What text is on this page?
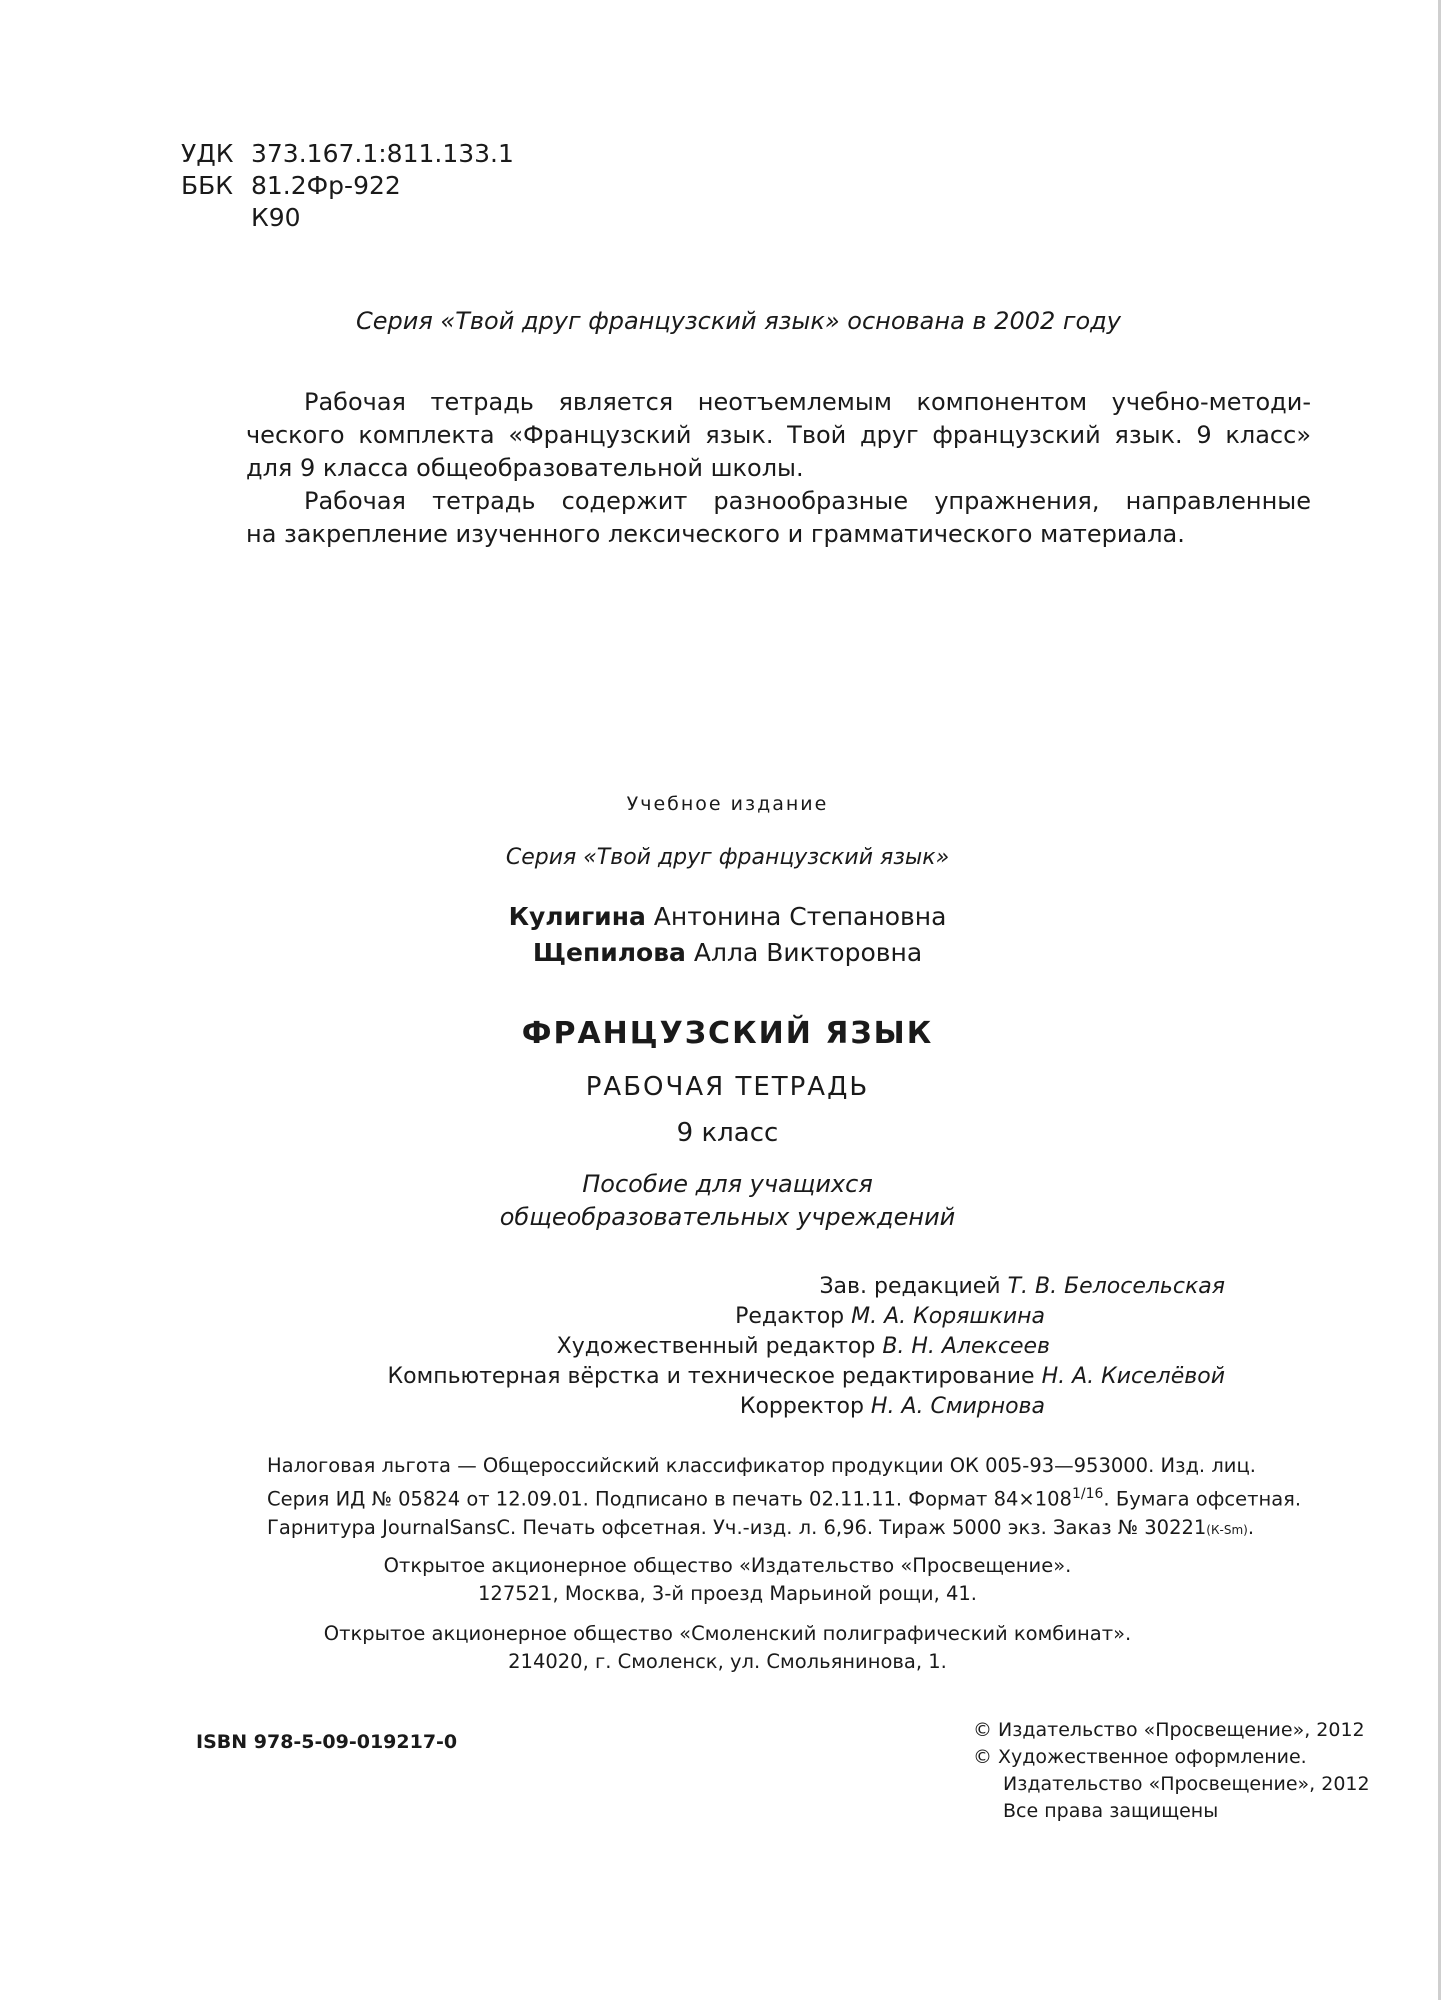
УДК 373.167.1:811.133.1
ББК 81.2Фр-922
К90
Серия «Твой друг французский язык» основана в 2002 году

Рабочая тетрадь является неотъемлемым компонентом учебно-методи-

ческого комплекта «Французский язык. Твой друг французский язык. 9 класс»

для 9 класса общеобразовательной школы.

Рабочая тетрадь содержит разнообразные упражнения, направленные

на закрепление изученного лексического и грамматического материала.

Учебное издание
Серия «Твой друг французский язык»
Кулигина Антонина Степановна
Щепилова Алла Викторовна
ФРАНЦУЗСКИЙ ЯЗЫК
РАБОЧАЯ ТЕТРАДЬ
9 класс
Пособие для учащихся
общеобразовательных учреждений
Зав. редакцией Т. В. Белосельская
Редактор М. А. Коряшкина
Художественный редактор В. Н. Алексеев
Компьютерная вёрстка и техническое редактирование Н. А. Киселёвой
Корректор Н. А. Смирнова
Налоговая льгота — Общероссийский классификатор продукции ОК 005-93—953000. Изд. лиц.
Серия ИД № 05824 от 12.09.01. Подписано в печать 02.11.11. Формат $84\times 108^{1/16}$. Бумага офсетная.
Гарнитура JournalSansC. Печать офсетная. Уч.-изд. л. 6,96. Тираж 5000 экз. Заказ № 30221(К-Sm).
Открытое акционерное общество «Издательство «Просвещение».
127521, Москва, 3-й проезд Марьиной рощи, 41.
Открытое акционерное общество «Смоленский полиграфический комбинат».
214020, г. Смоленск, ул. Смольянинова, 1.
ISBN 978-5-09-019217-0
© Издательство «Просвещение», 2012
© Художественное оформление.
Издательство «Просвещение», 2012
Все права защищены
